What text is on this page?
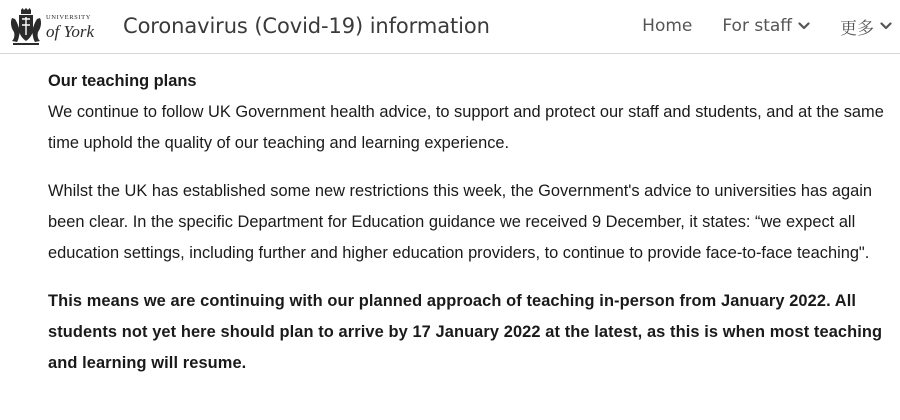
UNIVERSITY
of York Coronavirus (Covid-19) information	Home For staff	更多
Our teaching plans

We continue to follow UK Government health advice, to support and protect our staff and students, and at the same time uphold the quality of our teaching and learning experience.

Whilst the UK has established some new restrictions this week, the Government's advice to universities has again been clear. In the specific Department for Education guidance we received 9 December, it states: “we expect all education settings, including further and higher education providers, to continue to provide face-to-face teaching".

This means we are continuing with our planned approach of teaching in-person from January 2022. All students not yet here should plan to arrive by 17 January 2022 at the latest, as this is when most teaching and learning will resume.
